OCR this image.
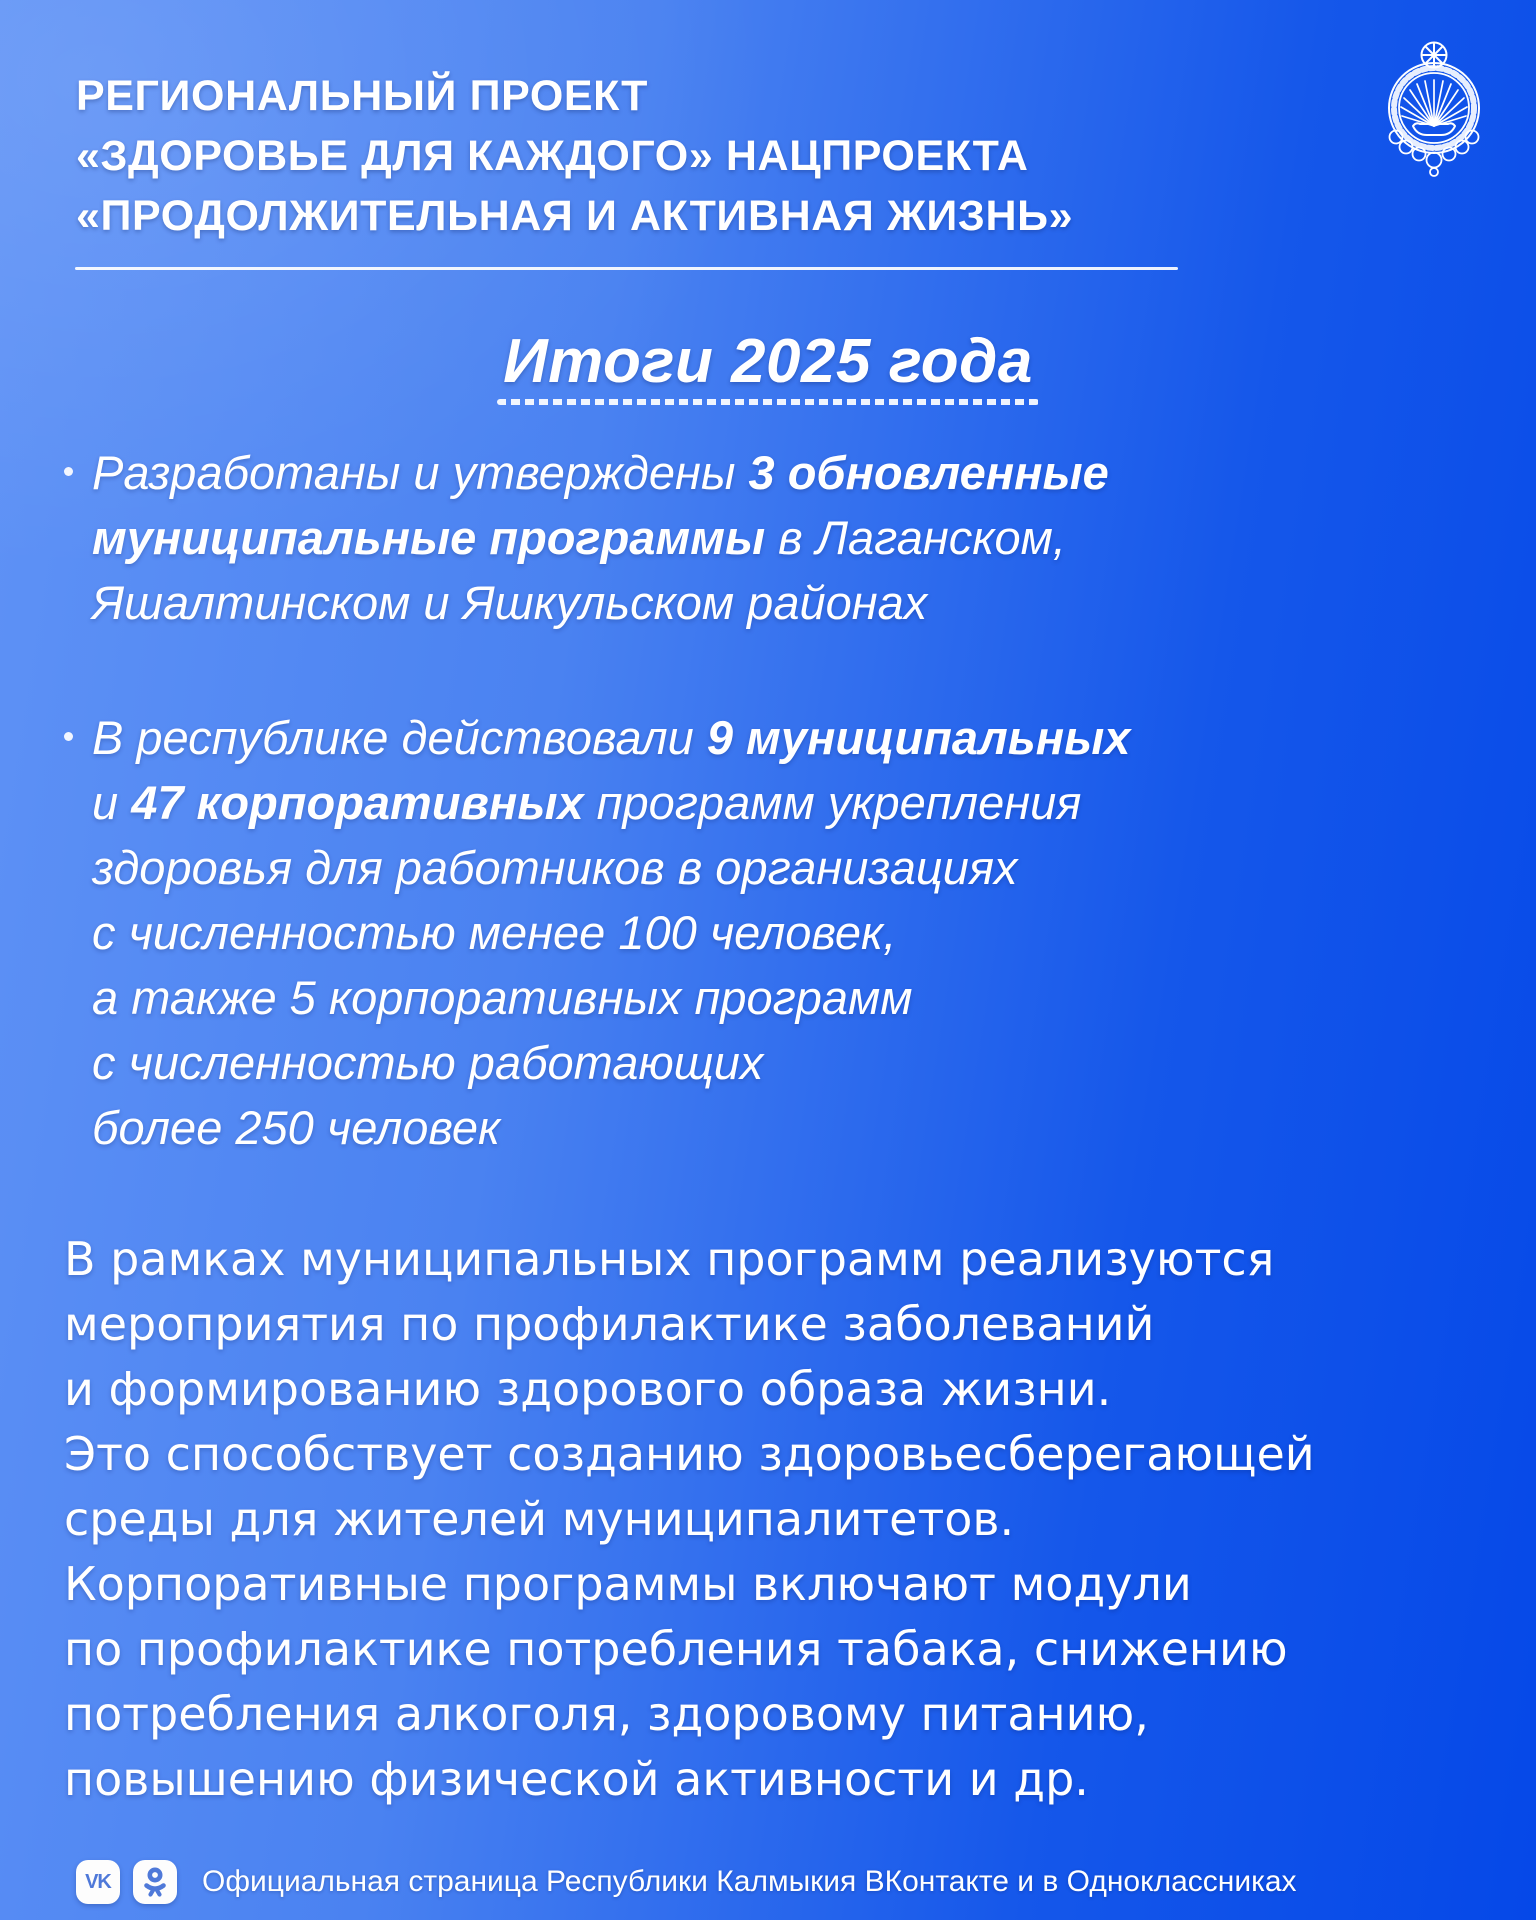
РЕГИОНАЛЬНЫЙ ПРОЕКТ
«ЗДОРОВЬЕ ДЛЯ КАЖДОГО» НАЦПРОЕКТА
«ПРОДОЛЖИТЕЛЬНАЯ И АКТИВНАЯ ЖИЗНЬ»
Итоги 2025 года
Разработаны и утверждены 3 обновленные
муниципальные программы в Лаганском,
Яшалтинском и Яшкульском районах
В республике действовали 9 муниципальных
и 47 корпоративных программ укрепления
здоровья для работников в организациях
с численностью менее 100 человек,
а также 5 корпоративных программ
с численностью работающих
более 250 человек
В рамках муниципальных программ реализуются
мероприятия по профилактике заболеваний
и формированию здорового образа жизни.
Это способствует созданию здоровьесберегающей
среды для жителей муниципалитетов.
Корпоративные программы включают модули
по профилактике потребления табака, снижению
потребления алкоголя, здоровому питанию,
повышению физической активности и др.
VK	Официальная страница Республики Калмыкия ВКонтакте и в Одноклассниках
